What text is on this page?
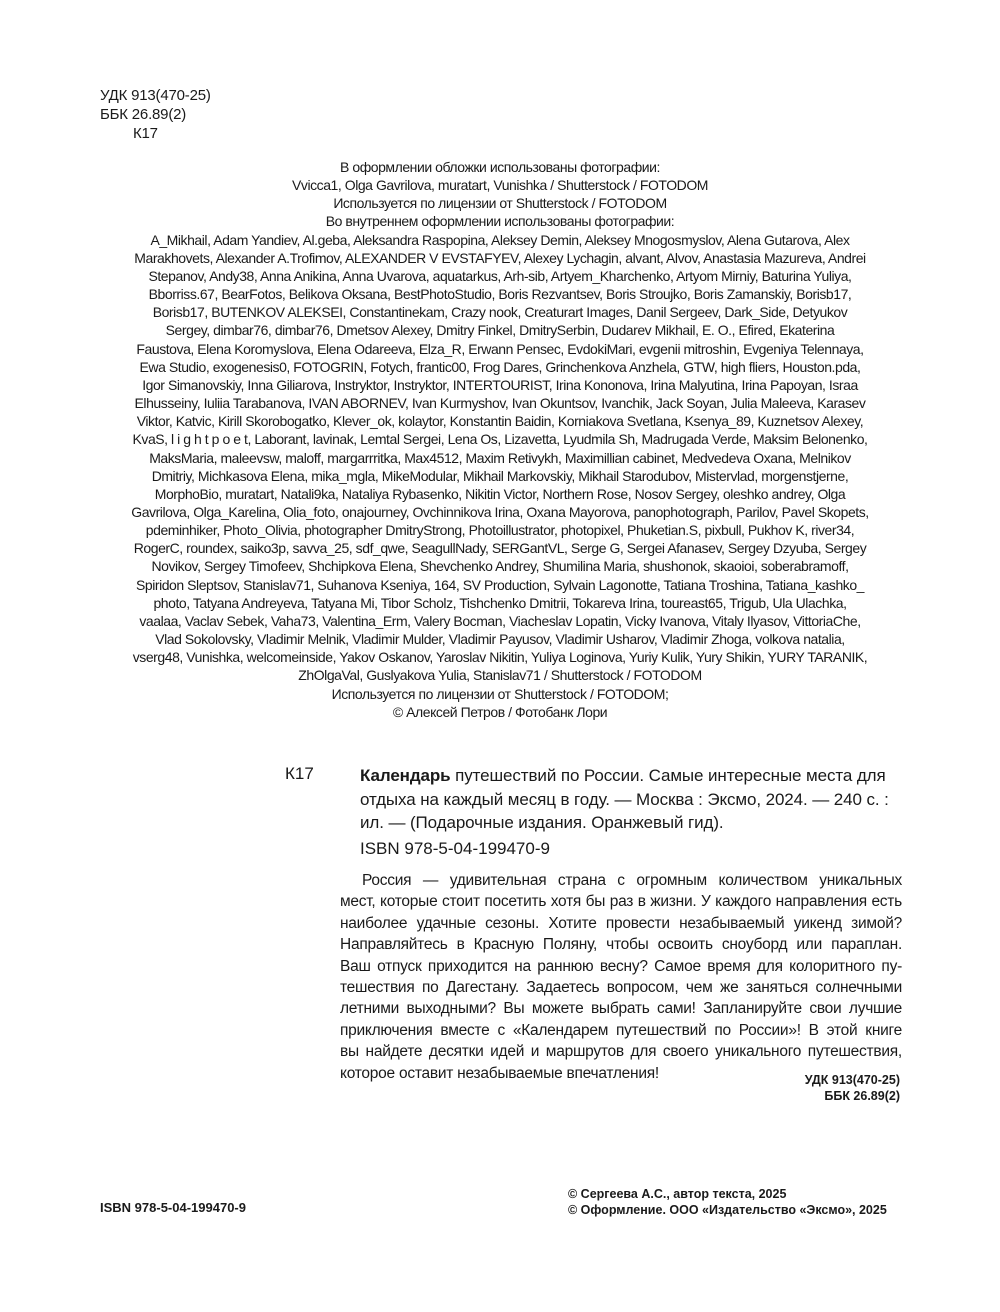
УДК 913(470-25)
ББК 26.89(2)
К17
В оформлении обложки использованы фотографии:
Vvicca1, Olga Gavrilova, muratart, Vunishka / Shutterstock / FOTODOM
Используется по лицензии от Shutterstock / FOTODOM
Во внутреннем оформлении использованы фотографии:
A_Mikhail, Adam Yandiev, Al.geba, Aleksandra Raspopina, Aleksey Demin, Aleksey Mnogosmyslov, Alena Gutarova, Alex
Marakhovets, Alexander A.Trofimov, ALEXANDER V EVSTAFYEV, Alexey Lychagin, alvant, Alvov, Anastasia Mazureva, Andrei
Stepanov, Andy38, Anna Anikina, Anna Uvarova, aquatarkus, Arh-sib, Artyem_Kharchenko, Artyom Mirniy, Baturina Yuliya,
Bborriss.67, BearFotos, Belikova Oksana, BestPhotoStudio, Boris Rezvantsev, Boris Stroujko, Boris Zamanskiy, Borisb17,
Borisb17, BUTENKOV ALEKSEI, Constantinekam, Crazy nook, Creaturart Images, Danil Sergeev, Dark_Side, Detyukov
Sergey, dimbar76, dimbar76, Dmetsov Alexey, Dmitry Finkel, DmitrySerbin, Dudarev Mikhail, E. O., Efired, Ekaterina
Faustova, Elena Koromyslova, Elena Odareeva, Elza_R, Erwann Pensec, EvdokiMari, evgenii mitroshin, Evgeniya Telennaya,
Ewa Studio, exogenesis0, FOTOGRIN, Fotych, frantic00, Frog Dares, Grinchenkova Anzhela, GTW, high fliers, Houston.pda,
Igor Simanovskiy, Inna Giliarova, Instryktor, Instryktor, INTERTOURIST, Irina Kononova, Irina Malyutina, Irina Papoyan, Israa
Elhusseiny, Iuliia Tarabanova, IVAN ABORNEV, Ivan Kurmyshov, Ivan Okuntsov, Ivanchik, Jack Soyan, Julia Maleeva, Karasev
Viktor, Katvic, Kirill Skorobogatko, Klever_ok, kolaytor, Konstantin Baidin, Korniakova Svetlana, Ksenya_89, Kuznetsov Alexey,
KvaS, l i g h t p o e t, Laborant, lavinak, Lemtal Sergei, Lena Os, Lizavetta, Lyudmila Sh, Madrugada Verde, Maksim Belonenko,
MaksMaria, maleevsw, maloff, margarrritka, Max4512, Maxim Retivykh, Maximillian cabinet, Medvedeva Oxana, Melnikov
Dmitriy, Michkasova Elena, mika_mgla, MikeModular, Mikhail Markovskiy, Mikhail Starodubov, Mistervlad, morgenstjerne,
MorphoBio, muratart, Natali9ka, Nataliya Rybasenko, Nikitin Victor, Northern Rose, Nosov Sergey, oleshko andrey, Olga
Gavrilova, Olga_Karelina, Olia_foto, onajourney, Ovchinnikova Irina, Oxana Mayorova, panophotograph, Parilov, Pavel Skopets,
pdeminhiker, Photo_Olivia, photographer DmitryStrong, Photoillustrator, photopixel, Phuketian.S, pixbull, Pukhov K, river34,
RogerC, roundex, saiko3p, savva_25, sdf_qwe, SeagullNady, SERGantVL, Serge G, Sergei Afanasev, Sergey Dzyuba, Sergey
Novikov, Sergey Timofeev, Shchipkova Elena, Shevchenko Andrey, Shumilina Maria, shushonok, skaoioi, soberabramoff,
Spiridon Sleptsov, Stanislav71, Suhanova Kseniya, 164, SV Production, Sylvain Lagonotte, Tatiana Troshina, Tatiana_kashko_
photo, Tatyana Andreyeva, Tatyana Mi, Tibor Scholz, Tishchenko Dmitrii, Tokareva Irina, toureast65, Trigub, Ula Ulachka,
vaalaa, Vaclav Sebek, Vaha73, Valentina_Erm, Valery Bocman, Viacheslav Lopatin, Vicky Ivanova, Vitaly Ilyasov, VittoriaChe,
Vlad Sokolovsky, Vladimir Melnik, Vladimir Mulder, Vladimir Payusov, Vladimir Usharov, Vladimir Zhoga, volkova natalia,
vserg48, Vunishka, welcomeinside, Yakov Oskanov, Yaroslav Nikitin, Yuliya Loginova, Yuriy Kulik, Yury Shikin, YURY TARANIK,
ZhOlgaVal, Guslyakova Yulia, Stanislav71 / Shutterstock / FOTODOM
Используется по лицензии от Shutterstock / FOTODOM;
© Алексей Петров / Фотобанк Лори
К17	Календарь путешествий по России. Самые интересные места для отдыха на каждый месяц в году. — Москва : Эксмо, 2024. — 240 с. : ил. — (Подарочные издания. Оранжевый гид).
ISBN 978-5-04-199470-9
Россия — удивительная страна с огромным количеством уникальных
мест, которые стоит посетить хотя бы раз в жизни. У каждого направления есть
наиболее удачные сезоны. Хотите провести незабываемый уикенд зимой?
Направляйтесь в Красную Поляну, чтобы освоить сноуборд или параплан.
Ваш отпуск приходится на раннюю весну? Самое время для колоритного пу-
тешествия по Дагестану. Задаетесь вопросом, чем же заняться солнечными
летними выходными? Вы можете выбрать сами! Запланируйте свои лучшие
приключения вместе с «Календарем путешествий по России»! В этой книге
вы найдете десятки идей и маршрутов для своего уникального путешествия,
которое оставит незабываемые впечатления!	УДК 913(470-25)
ББК 26.89(2)
ISBN 978-5-04-199470-9
© Сергеева А.С., автор текста, 2025
© Оформление. ООО «Издательство «Эксмо», 2025
